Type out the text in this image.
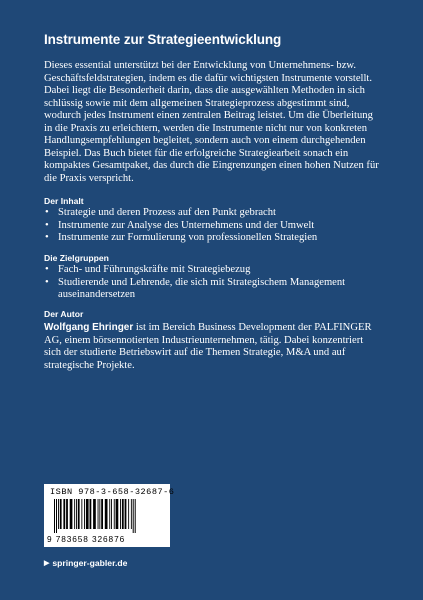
Instrumente zur Strategieentwicklung

Dieses essential unterstützt bei der Entwicklung von Unternehmens- bzw. Geschäftsfeldstrategien, indem es die dafür wichtigsten Instrumente vorstellt. Dabei liegt die Besonderheit darin, dass die ausgewählten Methoden in sich schlüssig sowie mit dem allgemeinen Strategieprozess abgestimmt sind, wodurch jedes Instrument einen zentralen Beitrag leistet. Um die Überleitung in die Praxis zu erleichtern, werden die Instrumente nicht nur von konkreten Handlungsempfehlungen begleitet, sondern auch von einem durchgehenden Beispiel. Das Buch bietet für die erfolgreiche Strategiearbeit sonach ein kompaktes Gesamtpaket, das durch die Eingrenzungen einen hohen Nutzen für die Praxis verspricht.

Der Inhalt
• Strategie und deren Prozess auf den Punkt gebracht
• Instrumente zur Analyse des Unternehmens und der Umwelt
• Instrumente zur Formulierung von professionellen Strategien
Die Zielgruppen
• Fach- und Führungskräfte mit Strategiebezug
• Studierende und Lehrende, die sich mit Strategischem Management auseinandersetzen
Der Autor

Wolfgang Ehringer ist im Bereich Business Development der PALFINGER AG, einem börsennotierten Industrieunternehmen, tätig. Dabei konzentriert sich der studierte Betriebswirt auf die Themen Strategie, M&A und auf strategische Projekte.

ISBN 978-3-658-32687-6
9 783658 326876
▶ springer-gabler.de
